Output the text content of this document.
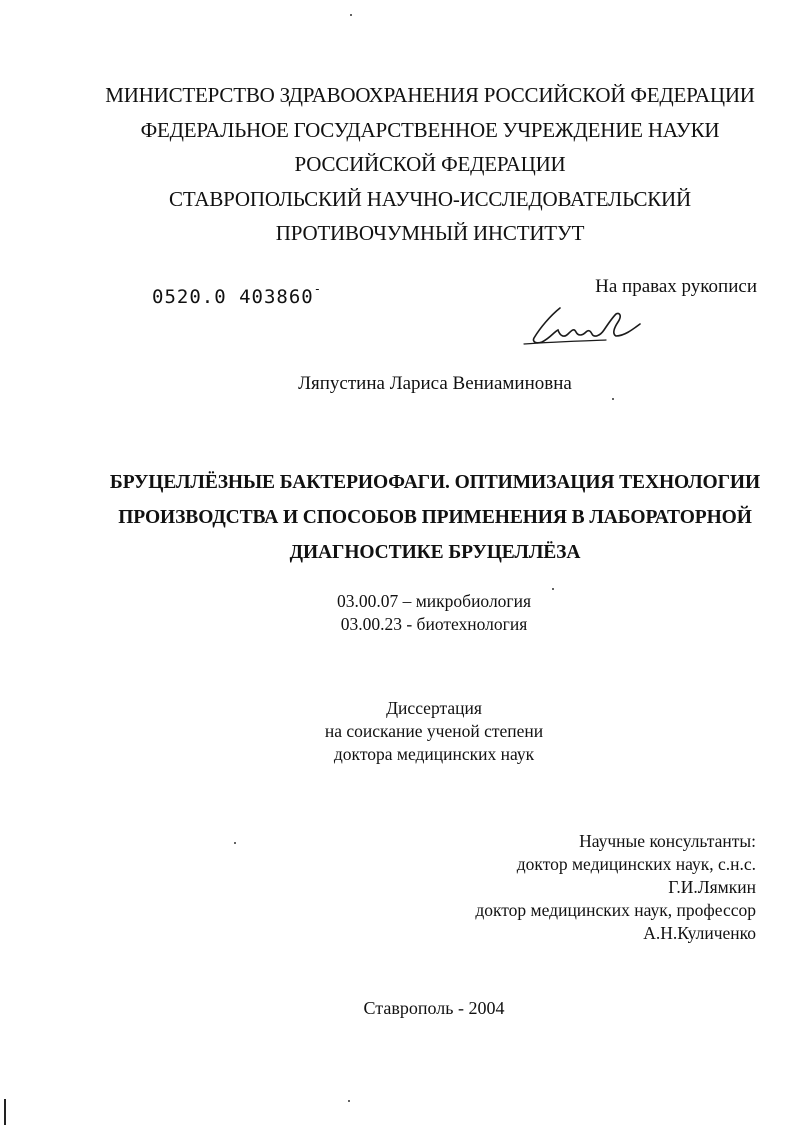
МИНИСТЕРСТВО ЗДРАВООХРАНЕНИЯ РОССИЙСКОЙ ФЕДЕРАЦИИ
ФЕДЕРАЛЬНОЕ ГОСУДАРСТВЕННОЕ УЧРЕЖДЕНИЕ НАУКИ
РОССИЙСКОЙ ФЕДЕРАЦИИ
СТАВРОПОЛЬСКИЙ НАУЧНО-ИССЛЕДОВАТЕЛЬСКИЙ
ПРОТИВОЧУМНЫЙ ИНСТИТУТ
0520.0 403860-	На правах рукописи
Ляпустина Лариса Вениаминовна
БРУЦЕЛЛЁЗНЫЕ БАКТЕРИОФАГИ. ОПТИМИЗАЦИЯ ТЕХНОЛОГИИ
ПРОИЗВОДСТВА И СПОСОБОВ ПРИМЕНЕНИЯ В ЛАБОРАТОРНОЙ
ДИАГНОСТИКЕ БРУЦЕЛЛЁЗА
03.00.07 – микробиология
03.00.23 - биотехнология
Диссертация
на соискание ученой степени
доктора медицинских наук
Научные консультанты:
доктор медицинских наук, с.н.с.
Г.И.Лямкин
доктор медицинских наук, профессор
А.Н.Куличенко
Ставрополь - 2004
